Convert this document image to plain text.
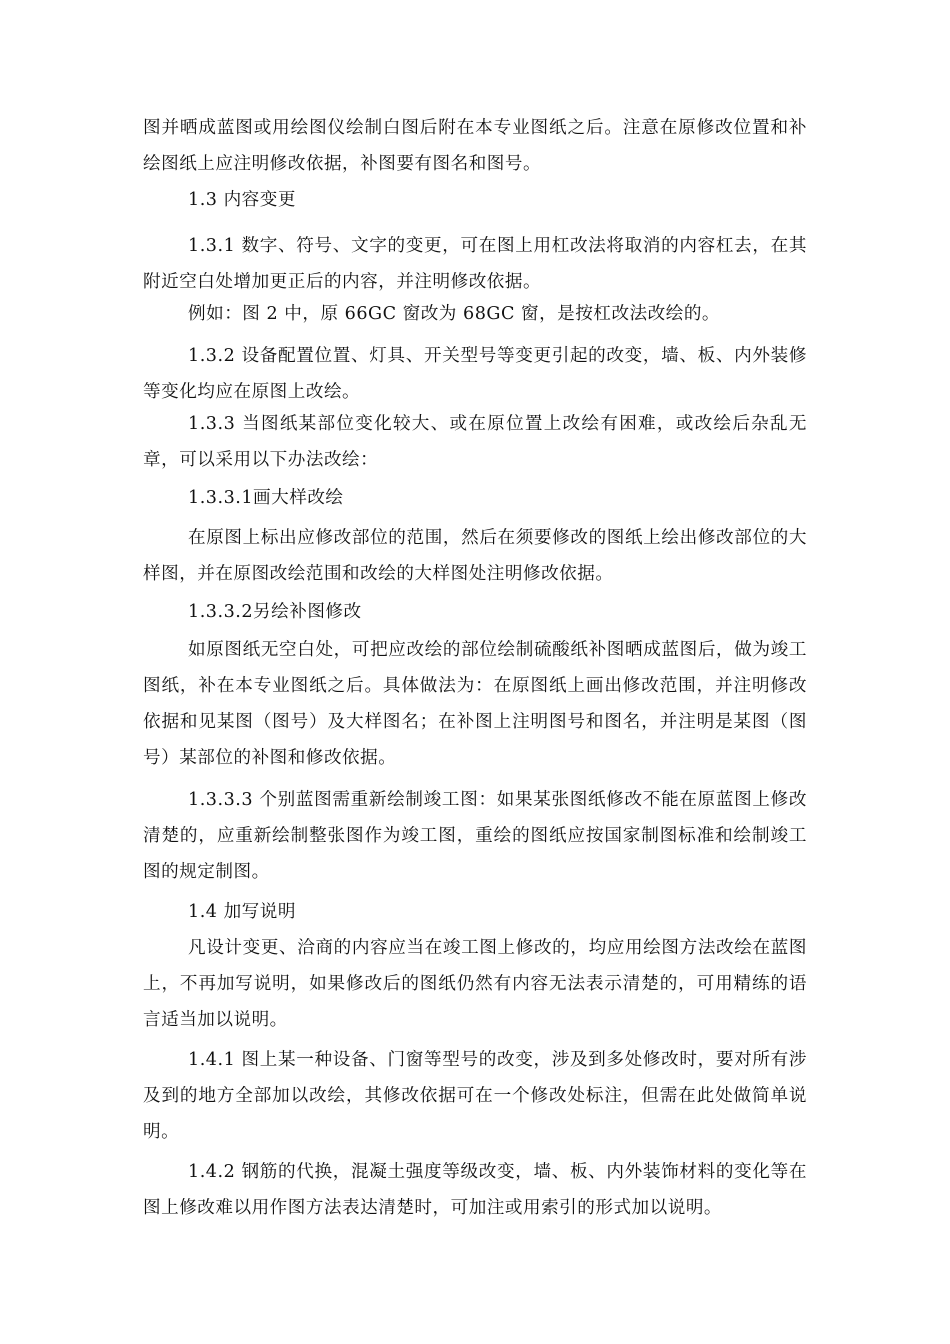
图并晒成蓝图或用绘图仪绘制白图后附在本专业图纸之后。注意在原修改位置和补绘图纸上应注明修改依据，补图要有图名和图号。

1.3 内容变更

1.3.1 数字、符号、文字的变更，可在图上用杠改法将取消的内容杠去，在其附近空白处增加更正后的内容，并注明修改依据。

例如：图 2 中，原 66GC 窗改为 68GC 窗，是按杠改法改绘的。

1.3.2 设备配置位置、灯具、开关型号等变更引起的改变，墙、板、内外装修等变化均应在原图上改绘。

1.3.3 当图纸某部位变化较大、或在原位置上改绘有困难，或改绘后杂乱无章，可以采用以下办法改绘：

1.3.3.1画大样改绘

在原图上标出应修改部位的范围，然后在须要修改的图纸上绘出修改部位的大样图，并在原图改绘范围和改绘的大样图处注明修改依据。

1.3.3.2另绘补图修改

如原图纸无空白处，可把应改绘的部位绘制硫酸纸补图晒成蓝图后，做为竣工图纸，补在本专业图纸之后。具体做法为：在原图纸上画出修改范围，并注明修改依据和见某图（图号）及大样图名；在补图上注明图号和图名，并注明是某图（图号）某部位的补图和修改依据。

1.3.3.3 个别蓝图需重新绘制竣工图：如果某张图纸修改不能在原蓝图上修改清楚的，应重新绘制整张图作为竣工图，重绘的图纸应按国家制图标准和绘制竣工图的规定制图。

1.4 加写说明

凡设计变更、洽商的内容应当在竣工图上修改的，均应用绘图方法改绘在蓝图上，不再加写说明，如果修改后的图纸仍然有内容无法表示清楚的，可用精练的语言适当加以说明。

1.4.1 图上某一种设备、门窗等型号的改变，涉及到多处修改时，要对所有涉及到的地方全部加以改绘，其修改依据可在一个修改处标注，但需在此处做简单说明。

1.4.2 钢筋的代换，混凝土强度等级改变，墙、板、内外装饰材料的变化等在图上修改难以用作图方法表达清楚时，可加注或用索引的形式加以说明。
